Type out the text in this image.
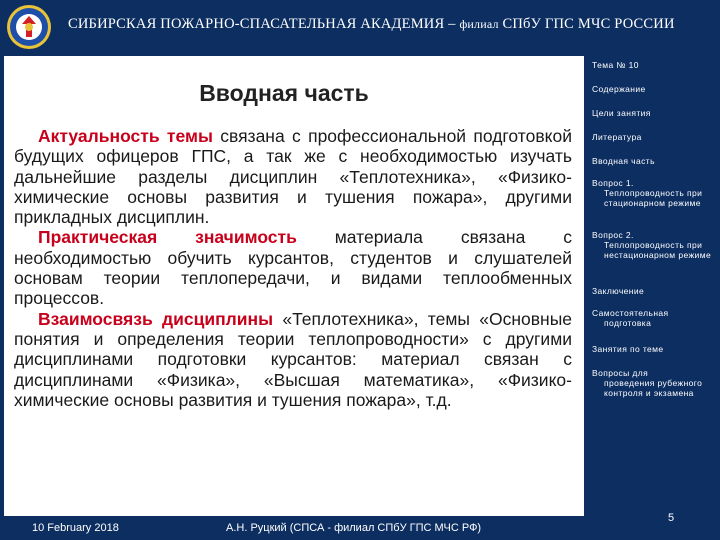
СИБИРСКАЯ ПОЖАРНО-СПАСАТЕЛЬНАЯ АКАДЕМИЯ – филиал СПбУ ГПС МЧС РОССИИ
Вводная часть

Актуальность темы связана с профессиональной подготовкой будущих офицеров ГПС, а так же с необходимостью изучать дальнейшие разделы дисциплин «Теплотехника», «Физико-химические основы развития и тушения пожара», другими прикладных дисциплин.

Практическая значимость материала связана с необходимостью обучить курсантов, студентов и слушателей основам теории теплопередачи, и видами теплообменных процессов.

Взаимосвязь дисциплины «Теплотехника», темы «Основные понятия и определения теории теплопроводности» с другими дисциплинами подготовки курсантов: материал связан с дисциплинами «Физика», «Высшая математика», «Физико-химические основы развития и тушения пожара», т.д.

Тема № 10
Содержание
Цели занятия
Литература
Вводная часть
Вопрос 1.
Теплопроводность при стационарном режиме
Вопрос 2.
Теплопроводность при нестационарном режиме
Заключение
Самостоятельная
подготовка
Занятия по теме
Вопросы для
проведения рубежного контроля и экзамена
10 February 2018	А.Н. Руцкий (СПСА - филиал СПбУ ГПС МЧС РФ)
5
